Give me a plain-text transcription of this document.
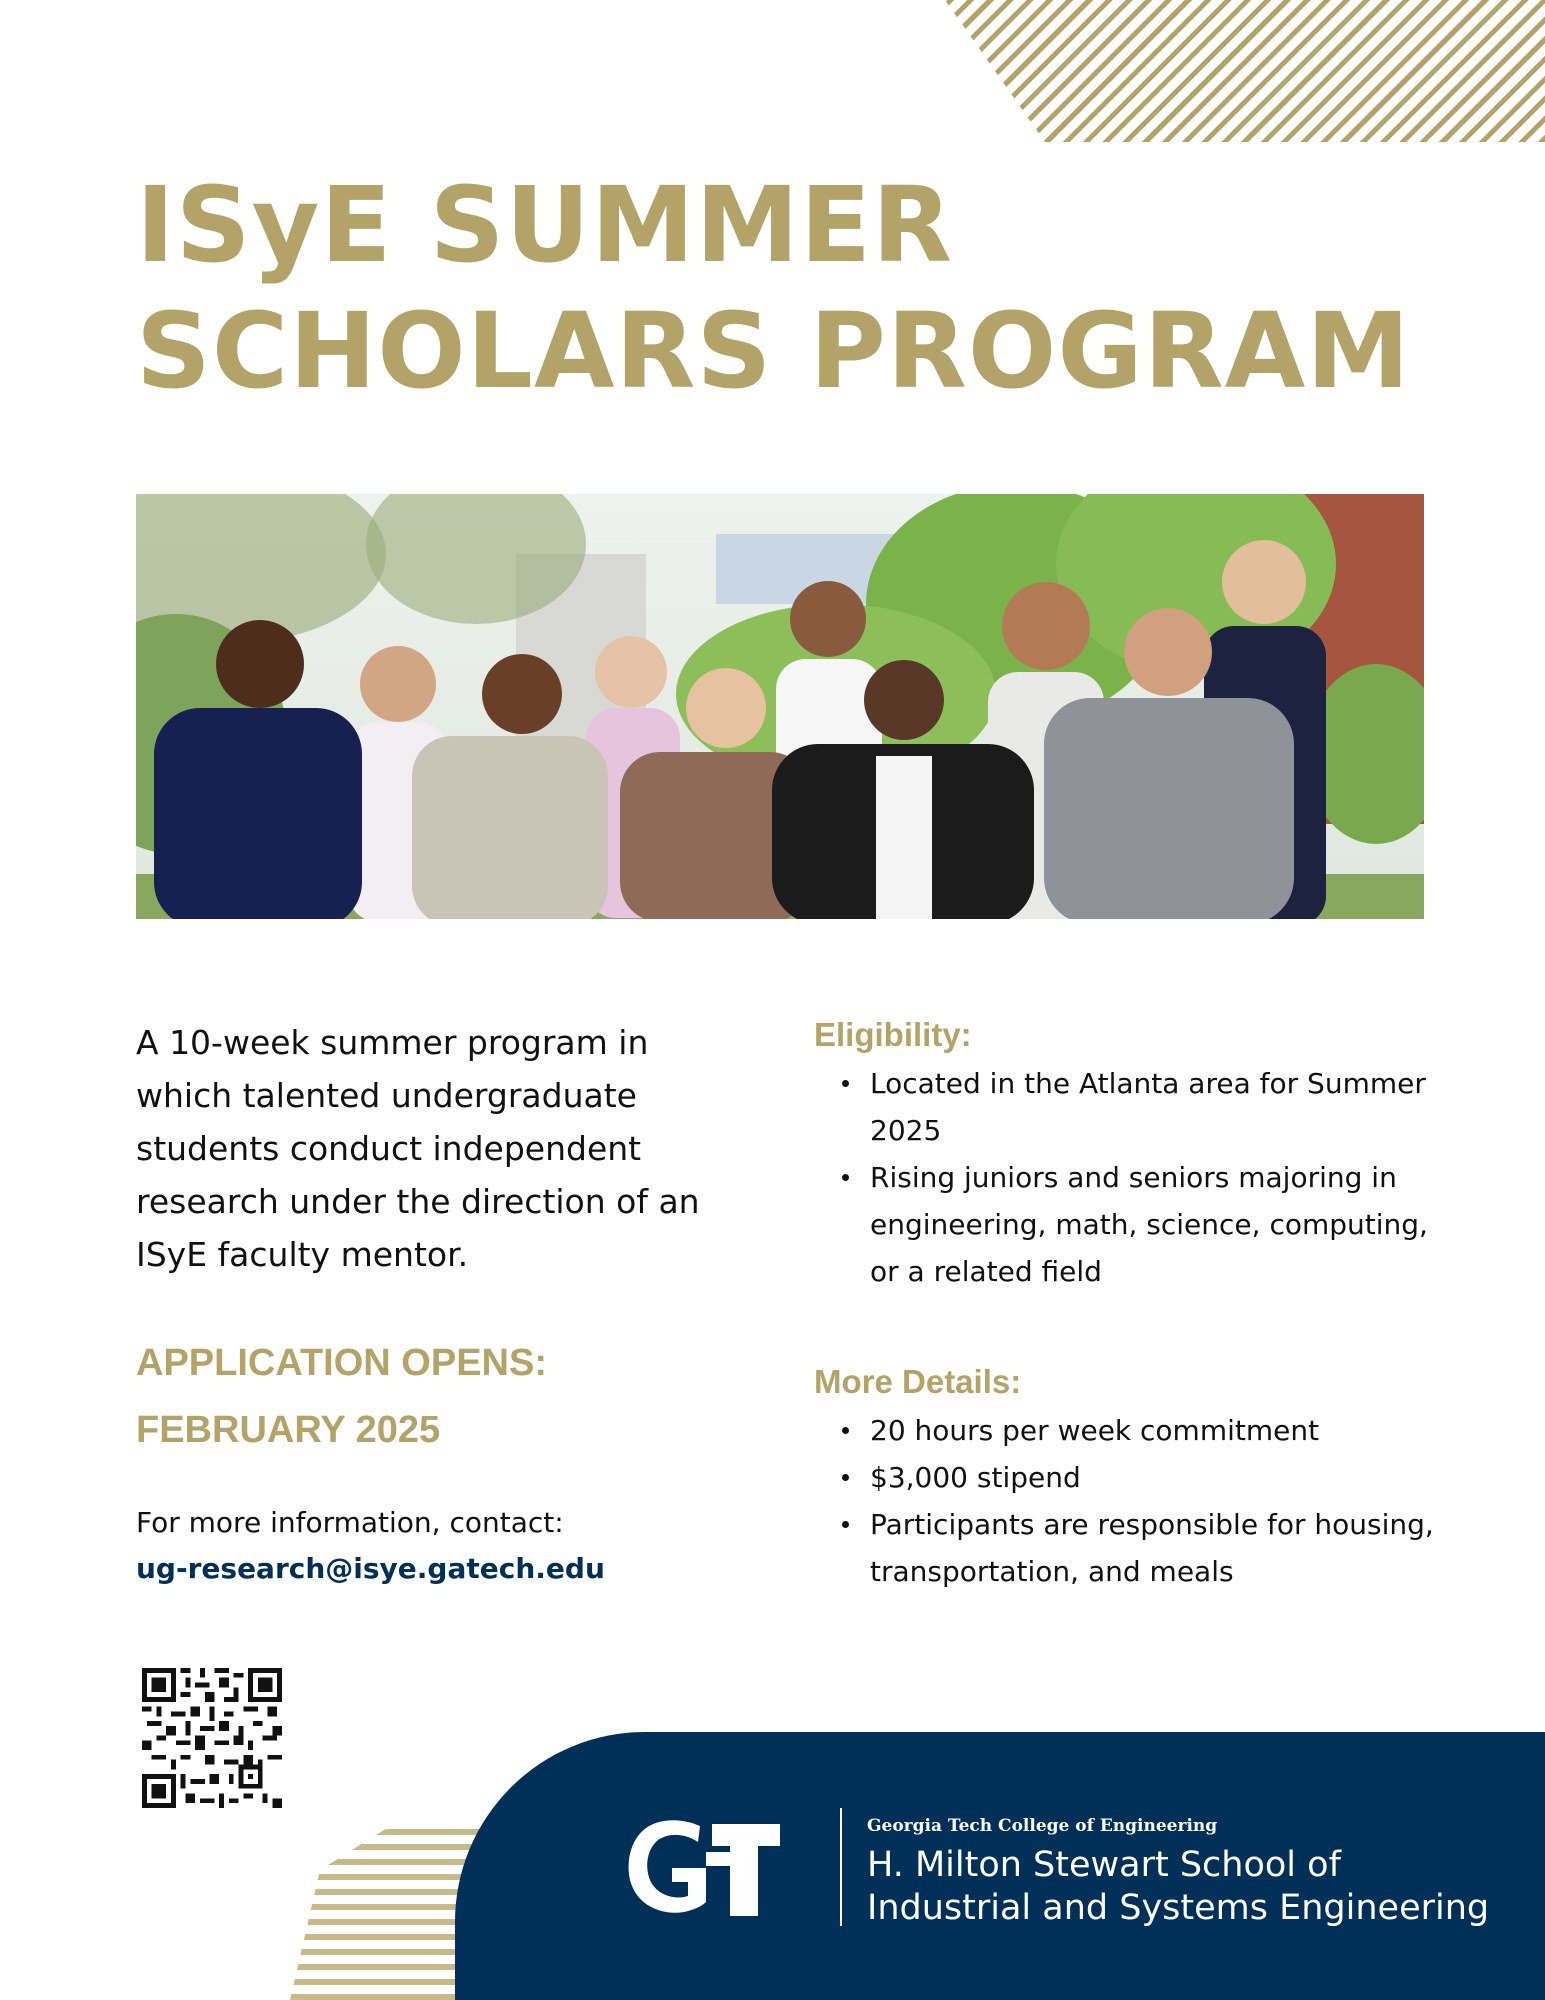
ISyE SUMMER
SCHOLARS PROGRAM

A 10-week summer program in which talented undergraduate students conduct independent research under the direction of an ISyE faculty mentor.

APPLICATION OPENS:
FEBRUARY 2025
For more information, contact:
ug-research@isye.gatech.edu
Eligibility:
Located in the Atlanta area for Summer 2025
Rising juniors and seniors majoring in engineering, math, science, computing, or a related field
More Details:
20 hours per week commitment
$3,000 stipend
Participants are responsible for housing, transportation, and meals
Georgia Tech College of Engineering
H. Milton Stewart School of
Industrial and Systems Engineering
